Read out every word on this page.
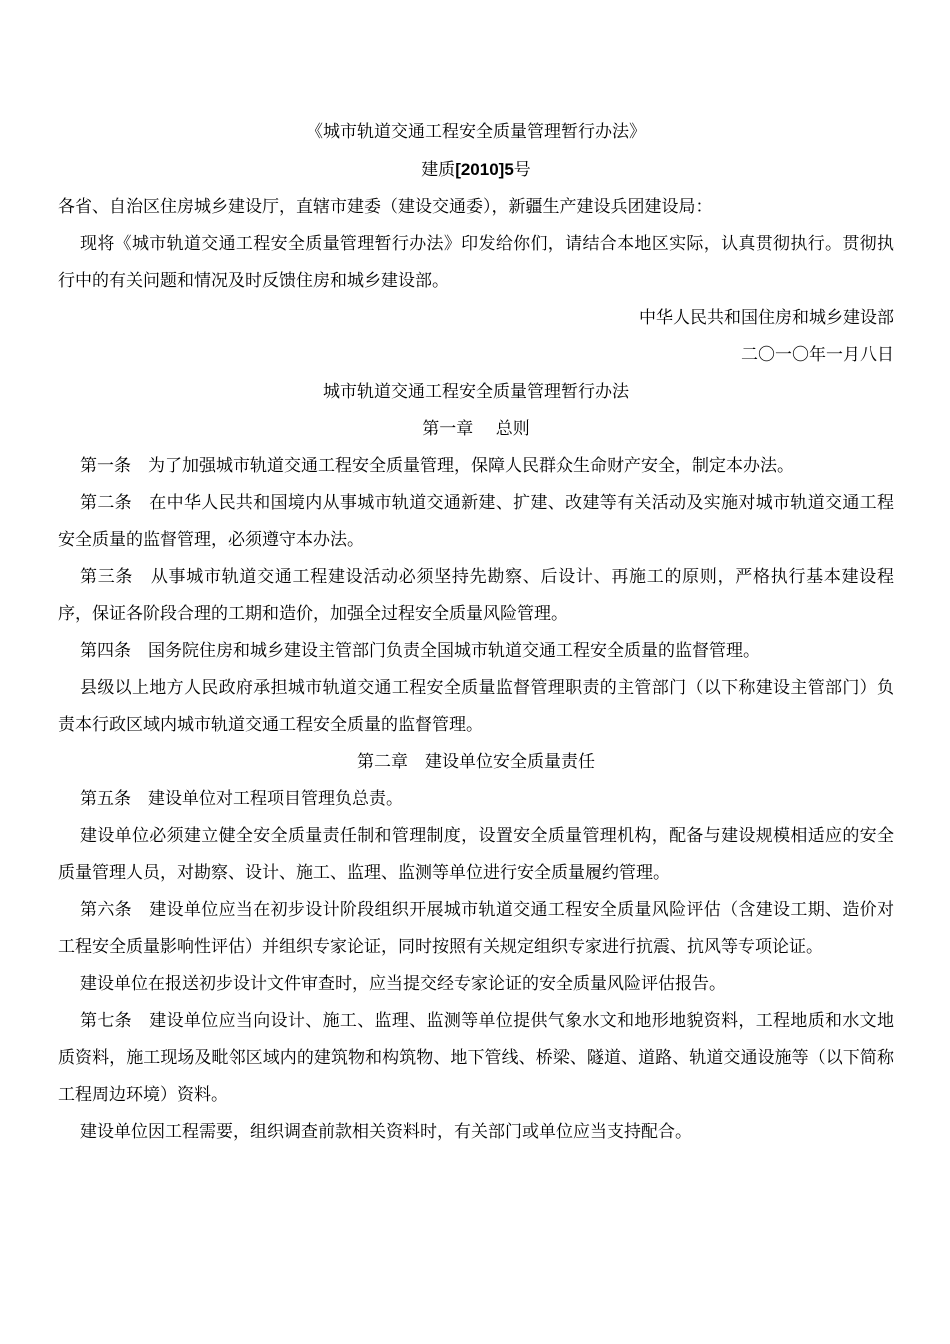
《城市轨道交通工程安全质量管理暂行办法》
建质[2010]5号
各省、自治区住房城乡建设厅，直辖市建委（建设交通委），新疆生产建设兵团建设局：

现将《城市轨道交通工程安全质量管理暂行办法》印发给你们，请结合本地区实际，认真贯彻执行。贯彻执行中的有关问题和情况及时反馈住房和城乡建设部。

中华人民共和国住房和城乡建设部
二〇一〇年一月八日
城市轨道交通工程安全质量管理暂行办法
第一章　 总则
第一条　为了加强城市轨道交通工程安全质量管理，保障人民群众生命财产安全，制定本办法。

第二条　在中华人民共和国境内从事城市轨道交通新建、扩建、改建等有关活动及实施对城市轨道交通工程安全质量的监督管理，必须遵守本办法。

第三条　从事城市轨道交通工程建设活动必须坚持先勘察、后设计、再施工的原则，严格执行基本建设程序，保证各阶段合理的工期和造价，加强全过程安全质量风险管理。

第四条　国务院住房和城乡建设主管部门负责全国城市轨道交通工程安全质量的监督管理。

县级以上地方人民政府承担城市轨道交通工程安全质量监督管理职责的主管部门（以下称建设主管部门）负责本行政区域内城市轨道交通工程安全质量的监督管理。

第二章　建设单位安全质量责任
第五条　建设单位对工程项目管理负总责。

建设单位必须建立健全安全质量责任制和管理制度，设置安全质量管理机构，配备与建设规模相适应的安全质量管理人员，对勘察、设计、施工、监理、监测等单位进行安全质量履约管理。

第六条　建设单位应当在初步设计阶段组织开展城市轨道交通工程安全质量风险评估（含建设工期、造价对工程安全质量影响性评估）并组织专家论证，同时按照有关规定组织专家进行抗震、抗风等专项论证。

建设单位在报送初步设计文件审查时，应当提交经专家论证的安全质量风险评估报告。

第七条　建设单位应当向设计、施工、监理、监测等单位提供气象水文和地形地貌资料，工程地质和水文地质资料，施工现场及毗邻区域内的建筑物和构筑物、地下管线、桥梁、隧道、道路、轨道交通设施等（以下简称工程周边环境）资料。

建设单位因工程需要，组织调查前款相关资料时，有关部门或单位应当支持配合。
